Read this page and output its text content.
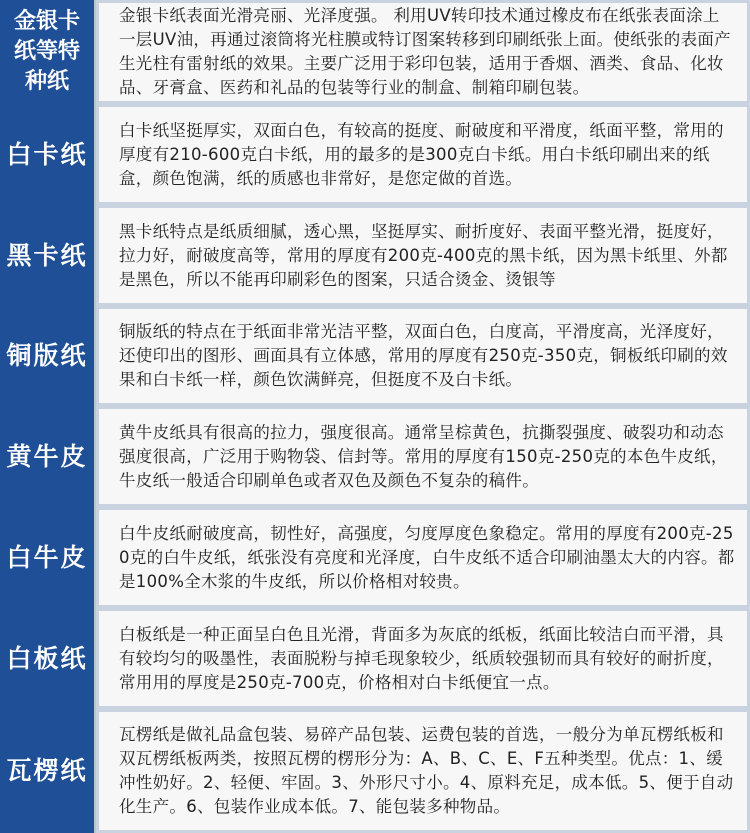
金银卡纸等特种纸
金银卡纸表面光滑亮丽、光泽度强。 利用UV转印技术通过橡皮布在纸张表面涂上一层UV油，再通过滚筒将光柱膜或特订图案转移到印刷纸张上面。使纸张的表面产生光柱有雷射纸的效果。主要广泛用于彩印包装，适用于香烟、酒类、食品、化妆品、牙膏盒、医药和礼品的包装等行业的制盒、制箱印刷包装。
白卡纸
白卡纸坚挺厚实，双面白色，有较高的挺度、耐破度和平滑度，纸面平整，常用的厚度有210-600克白卡纸，用的最多的是300克白卡纸。用白卡纸印刷出来的纸盒，颜色饱满，纸的质感也非常好，是您定做的首选。
黑卡纸
黑卡纸特点是纸质细腻，透心黑，坚挺厚实、耐折度好、表面平整光滑，挺度好，拉力好，耐破度高等，常用的厚度有200克-400克的黑卡纸，因为黑卡纸里、外都是黑色，所以不能再印刷彩色的图案，只适合烫金、烫银等
铜版纸
铜版纸的特点在于纸面非常光洁平整，双面白色，白度高，平滑度高，光泽度好，还使印出的图形、画面具有立体感，常用的厚度有250克-350克，铜板纸印刷的效果和白卡纸一样，颜色饮满鲜亮，但挺度不及白卡纸。
黄牛皮
黄牛皮纸具有很高的拉力，强度很高。通常呈棕黄色，抗撕裂强度、破裂功和动态强度很高，广泛用于购物袋、信封等。常用的厚度有150克-250克的本色牛皮纸，牛皮纸一般适合印刷单色或者双色及颜色不复杂的稿件。
白牛皮
白牛皮纸耐破度高，韧性好，高强度，匀度厚度色象稳定。常用的厚度有200克-250克的白牛皮纸，纸张没有亮度和光泽度，白牛皮纸不适合印刷油墨太大的内容。都是100%全木浆的牛皮纸，所以价格相对较贵。
白板纸
白板纸是一种正面呈白色且光滑，背面多为灰底的纸板，纸面比较洁白而平滑，具有较均匀的吸墨性，表面脱粉与掉毛现象较少，纸质较强韧而具有较好的耐折度，常用用的厚度是250克-700克，价格相对白卡纸便宜一点。
瓦楞纸
瓦楞纸是做礼品盒包装、易碎产品包装、运费包装的首选，一般分为单瓦楞纸板和双瓦楞纸板两类，按照瓦楞的楞形分为：A、B、C、E、F五种类型。优点：1、缓冲性奶好。2、轻便、牢固。3、外形尺寸小。4、原料充足，成本低。5、便于自动化生产。6、包装作业成本低。7、能包装多种物品。
